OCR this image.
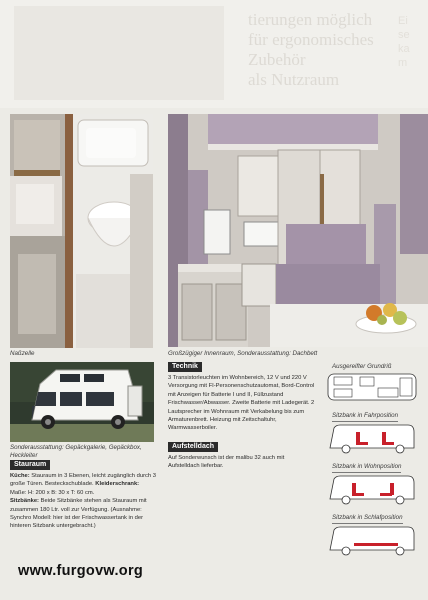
tierungen möglich
für ergonomisches
Zubehör
als Nutzraum
Ei
se
ka
m
Naßzelle	Großzügiger Innenraum, Sonderausstattung: Dachbett
Sonderausstattung: Gepäckgalerie, Gepäckbox, Heckleiter
Stauraum
Küche: Stauraum in 3 Ebenen, leicht zugänglich durch 3 große Türen. Besteckschublade. Kleiderschrank: Maße: H: 200 x B: 30 x T: 60 cm.
Sitzbänke: Beide Sitzbänke stehen als Stauraum mit zusammen 180 Ltr. voll zur Verfügung. (Ausnahme: Synchro Modell: hier ist der Frischwassertank in der hinteren Sitzbank untergebracht.)
Technik
3 Transistorleuchten im Wohnbereich, 12 V und 220 V Versorgung mit FI-Personenschutzautomat, Bord-Control mit Anzeigen für Batterie I und II, Füllzustand Frischwasser/Abwasser. Zweite Batterie mit Ladegerät. 2 Lautsprecher im Wohnraum mit Verkabelung bis zum Armaturenbrett. Heizung mit Zeitschaltuhr, Warmwasserboiler.
Aufstelldach
Auf Sonderwunsch ist der malibu 32 auch mit Aufstelldach lieferbar.
Ausgereifter Grundriß
Sitzbank in Fahrposition
Sitzbank in Wohnposition
Sitzbank in Schlafposition
www.furgovw.org
